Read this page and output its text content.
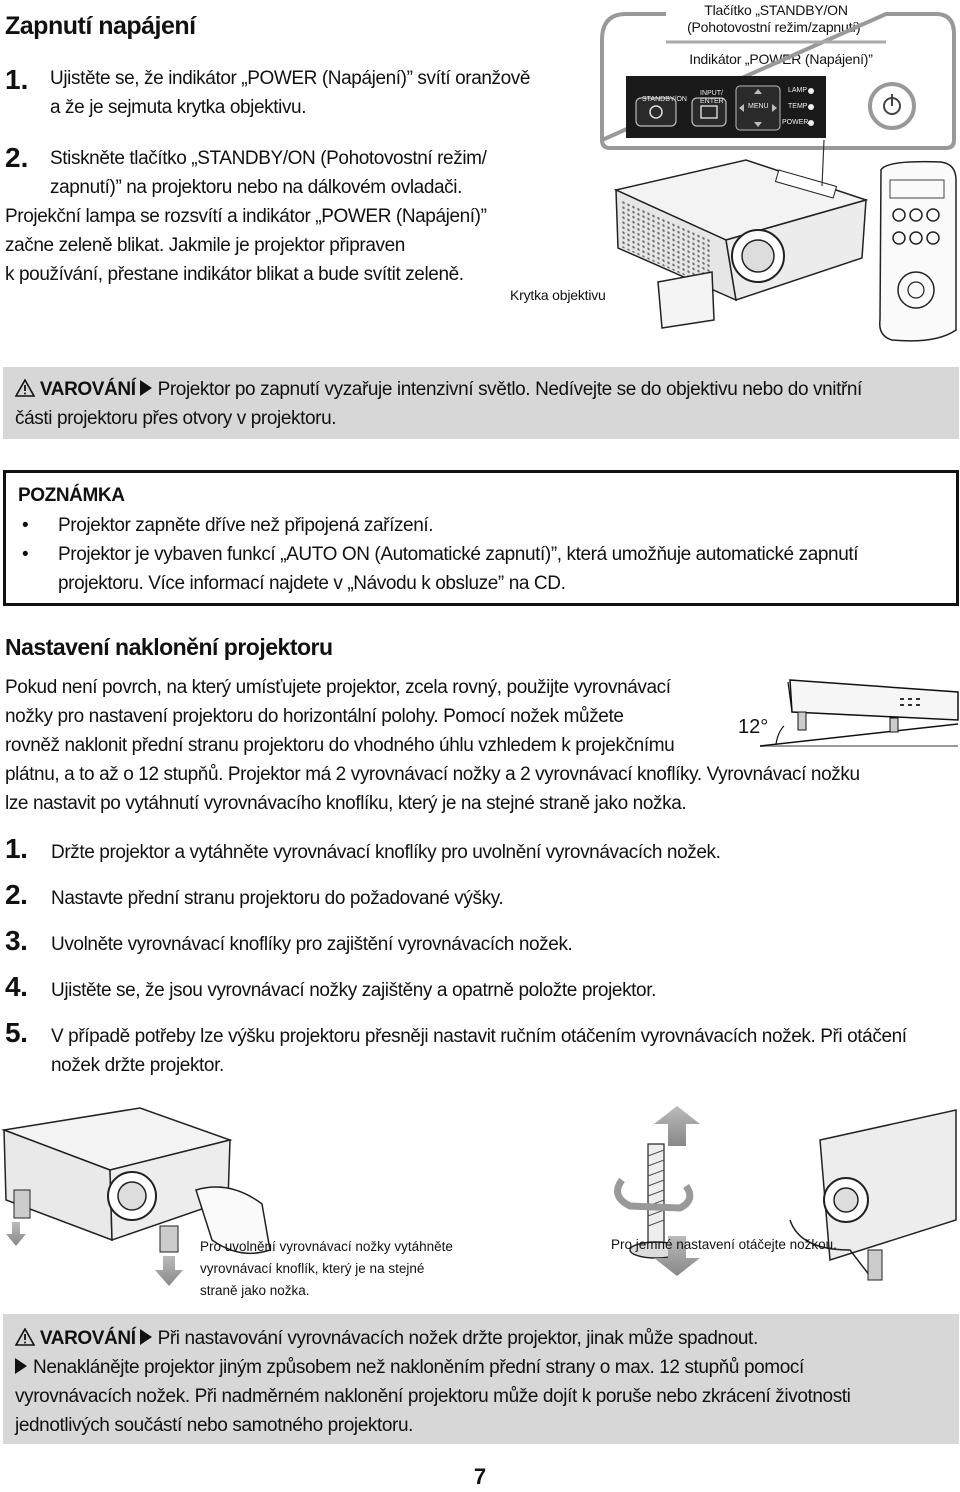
Zapnutí napájení
1. Ujistěte se, že indikátor „POWER (Napájení)” svítí oranžově
a že je sejmuta krytka objektivu.
2. Stiskněte tlačítko „STANDBY/ON (Pohotovostní režim/
zapnutí)” na projektoru nebo na dálkovém ovladači.
Projekční lampa se rozsvítí a indikátor „POWER (Napájení)”
začne zeleně blikat. Jakmile je projektor připraven
k používání, přestane indikátor blikat a bude svítit zeleně.
Tlačítko „STANDBY/ON
(Pohotovostní režim/zapnutí)”
Indikátor „POWER (Napájení)”
STANDBY/ON
INPUT/
ENTER
MENU
LAMP
TEMP
POWER
Krytka objektivu
VAROVÁNÍ Projektor po zapnutí vyzařuje intenzivní světlo. Nedívejte se do objektivu nebo do vnitřní
části projektoru přes otvory v projektoru.
POZNÁMKA
• Projektor zapněte dříve než připojená zařízení.
• Projektor je vybaven funkcí „AUTO ON (Automatické zapnutí)”, která umožňuje automatické zapnutí
projektoru. Více informací najdete v „Návodu k obsluze” na CD.
Nastavení naklonění projektoru
Pokud není povrch, na který umísťujete projektor, zcela rovný, použijte vyrovnávací
nožky pro nastavení projektoru do horizontální polohy. Pomocí nožek můžete
rovněž naklonit přední stranu projektoru do vhodného úhlu vzhledem k projekčnímu
plátnu, a to až o 12 stupňů. Projektor má 2 vyrovnávací nožky a 2 vyrovnávací knoflíky. Vyrovnávací nožku
lze nastavit po vytáhnutí vyrovnávacího knoflíku, který je na stejné straně jako nožka.
12°
1.	Držte projektor a vytáhněte vyrovnávací knoflíky pro uvolnění vyrovnávacích nožek.
2.	Nastavte přední stranu projektoru do požadované výšky.
3.	Uvolněte vyrovnávací knoflíky pro zajištění vyrovnávacích nožek.
4.	Ujistěte se, že jsou vyrovnávací nožky zajištěny a opatrně položte projektor.
5.	V případě potřeby lze výšku projektoru přesněji nastavit ručním otáčením vyrovnávacích nožek. Při otáčení
nožek držte projektor.
Pro uvolnění vyrovnávací nožky vytáhněte
vyrovnávací knoflík, který je na stejné
straně jako nožka.
Pro jemné nastavení otáčejte nožkou.
VAROVÁNÍ Při nastavování vyrovnávacích nožek držte projektor, jinak může spadnout.
Nenaklánějte projektor jiným způsobem než nakloněním přední strany o max. 12 stupňů pomocí
vyrovnávacích nožek. Při nadměrném naklonění projektoru může dojít k poruše nebo zkrácení životnosti
jednotlivých součástí nebo samotného projektoru.
7
